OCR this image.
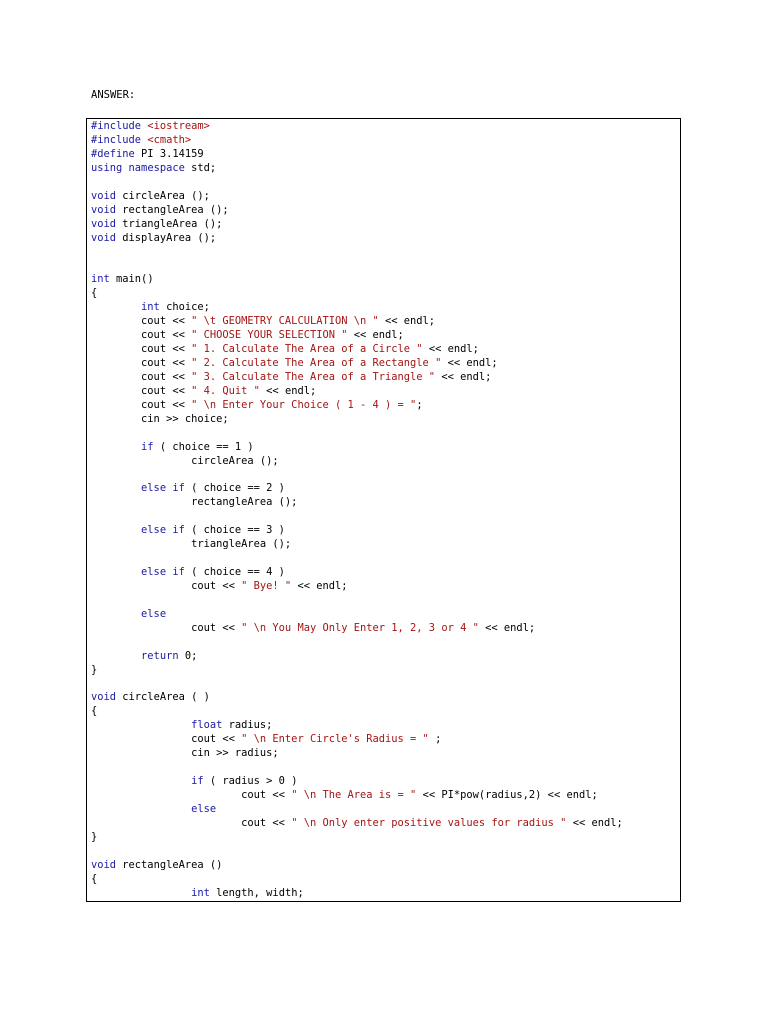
ANSWER:
#include <iostream>
#include <cmath>
#define PI 3.14159
using namespace std;

void circleArea ();
void rectangleArea ();
void triangleArea ();
void displayArea ();

int main()
{
int choice;
cout << " \t GEOMETRY CALCULATION \n " << endl;
cout << " CHOOSE YOUR SELECTION " << endl;
cout << " 1. Calculate The Area of a Circle " << endl;
cout << " 2. Calculate The Area of a Rectangle " << endl;
cout << " 3. Calculate The Area of a Triangle " << endl;
cout << " 4. Quit " << endl;
cout << " \n Enter Your Choice ( 1 - 4 ) = ";
cin >> choice;

if ( choice == 1 )
circleArea ();

else if ( choice == 2 )
rectangleArea ();

else if ( choice == 3 )
triangleArea ();

else if ( choice == 4 )
cout << " Bye! " << endl;

else
cout << " \n You May Only Enter 1, 2, 3 or 4 " << endl;

return 0;
}

void circleArea ( )
{
float radius;
cout << " \n Enter Circle's Radius = " ;
cin >> radius;

if ( radius > 0 )
cout << " \n The Area is = " << PI*pow(radius,2) << endl;
else
cout << " \n Only enter positive values for radius " << endl;
}

void rectangleArea ()
{
int length, width;
